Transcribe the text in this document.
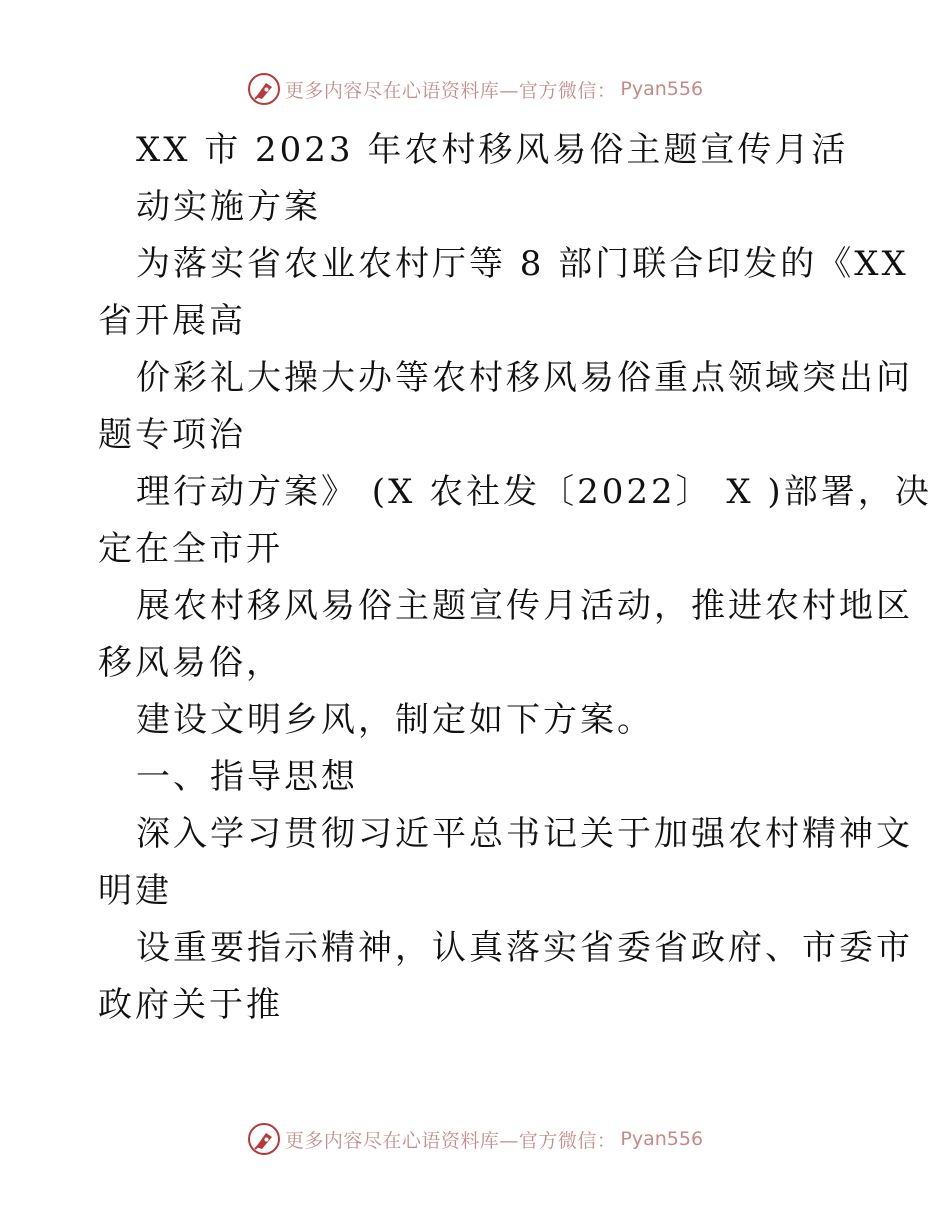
更多内容尽在心语资料库—官方微信： Pyan556
XX 市 2023 年农村移风易俗主题宣传月活
动实施方案
为落实省农业农村厅等 8 部门联合印发的《XX
省开展高
价彩礼大操大办等农村移风易俗重点领域突出问
题专项治
理行动方案》 (X 农社发〔2022〕 X )部署，决
定在全市开
展农村移风易俗主题宣传月活动，推进农村地区
移风易俗，
建设文明乡风，制定如下方案。
一、指导思想
深入学习贯彻习近平总书记关于加强农村精神文
明建
设重要指示精神，认真落实省委省政府、市委市
政府关于推
更多内容尽在心语资料库—官方微信： Pyan556
